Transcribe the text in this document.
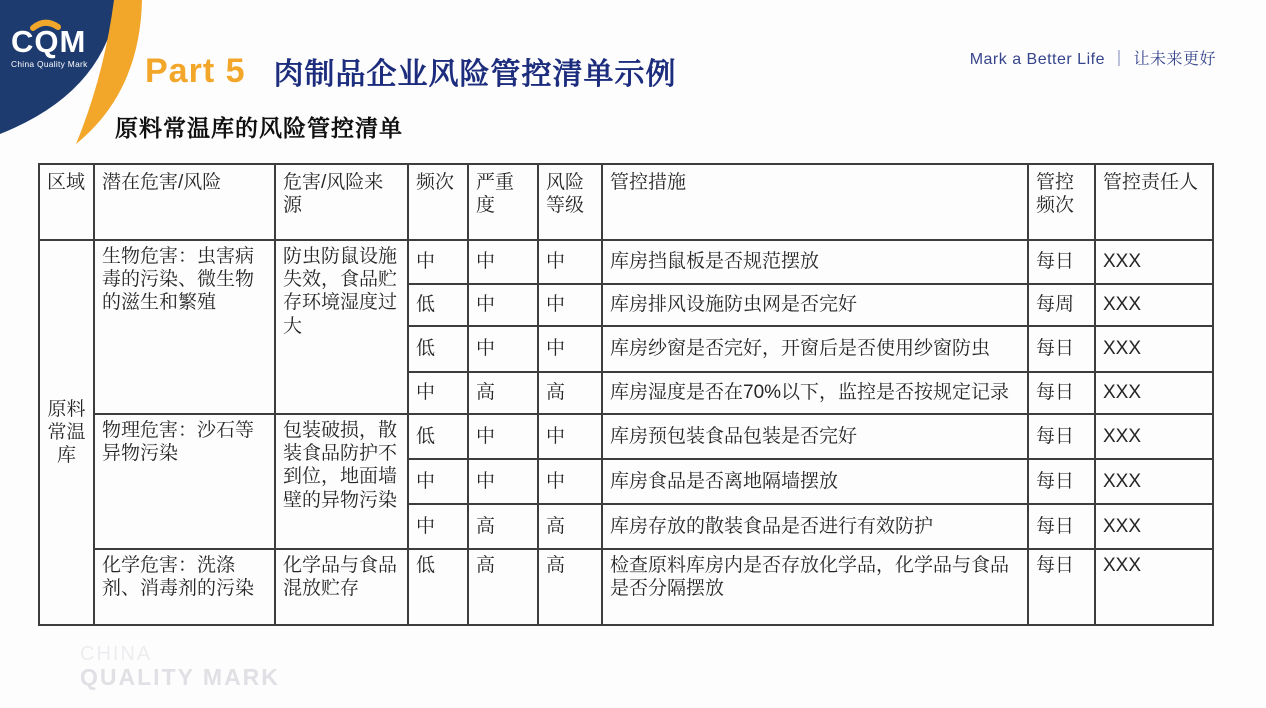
CQM
China Quality Mark Part 5 肉制品企业风险管控清单示例	Mark a Better Life ｜ 让未来更好
原料常温库的风险管控清单
区域	潜在危害/风险	危害/风险来源	频次	严重度	风险等级	管控措施	管控频次	管控责任人
原料常温库	生物危害：虫害病毒的污染、微生物的滋生和繁殖	防虫防鼠设施失效，食品贮存环境湿度过大	中	中	中	库房挡鼠板是否规范摆放	每日	XXX
			低	中	中	库房排风设施防虫网是否完好	每周	XXX
			低	中	中	库房纱窗是否完好，开窗后是否使用纱窗防虫	每日	XXX
			中	高	高	库房湿度是否在70%以下，监控是否按规定记录	每日	XXX
	物理危害：沙石等异物污染	包装破损，散装食品防护不到位，地面墙壁的异物污染	低	中	中	库房预包装食品包装是否完好	每日	XXX
			中	中	中	库房食品是否离地隔墙摆放	每日	XXX
			中	高	高	库房存放的散装食品是否进行有效防护	每日	XXX
	化学危害：洗涤剂、消毒剂的污染	化学品与食品混放贮存	低	高	高	检查原料库房内是否存放化学品，化学品与食品是否分隔摆放	每日	XXX
CHINA
QUALITY MARK
